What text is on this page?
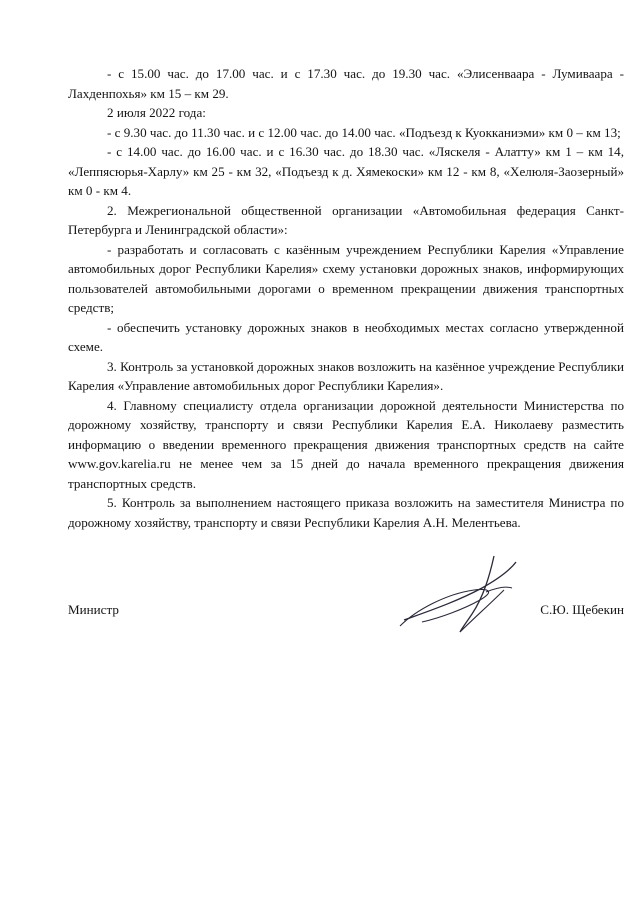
- с 15.00 час. до 17.00 час. и с 17.30 час. до 19.30 час. «Элисенваара - Лумиваара - Лахденпохья» км 15 – км 29.

2 июля 2022 года:

- с 9.30 час. до 11.30 час. и с 12.00 час. до 14.00 час. «Подъезд к Куокканиэми» км 0 – км 13;

- с 14.00 час. до 16.00 час. и с 16.30 час. до 18.30 час. «Ляскеля - Алатту» км 1 – км 14, «Леппясюрья-Харлу» км 25 - км 32, «Подъезд к д. Хямекоски» км 12 - км 8, «Хелюля-Заозерный» км 0 - км 4.

2. Межрегиональной общественной организации «Автомобильная федерация Санкт-Петербурга и Ленинградской области»:

- разработать и согласовать с казённым учреждением Республики Карелия «Управление автомобильных дорог Республики Карелия» схему установки дорожных знаков, информирующих пользователей автомобильными дорогами о временном прекращении движения транспортных средств;

- обеспечить установку дорожных знаков в необходимых местах согласно утвержденной схеме.

3. Контроль за установкой дорожных знаков возложить на казённое учреждение Республики Карелия «Управление автомобильных дорог Республики Карелия».

4. Главному специалисту отдела организации дорожной деятельности Министерства по дорожному хозяйству, транспорту и связи Республики Карелия Е.А. Николаеву разместить информацию о введении временного прекращения движения транспортных средств на сайте www.gov.karelia.ru не менее чем за 15 дней до начала временного прекращения движения транспортных средств.

5. Контроль за выполнением настоящего приказа возложить на заместителя Министра по дорожному хозяйству, транспорту и связи Республики Карелия А.Н. Мелентьева.

Министр	С.Ю. Щебекин
